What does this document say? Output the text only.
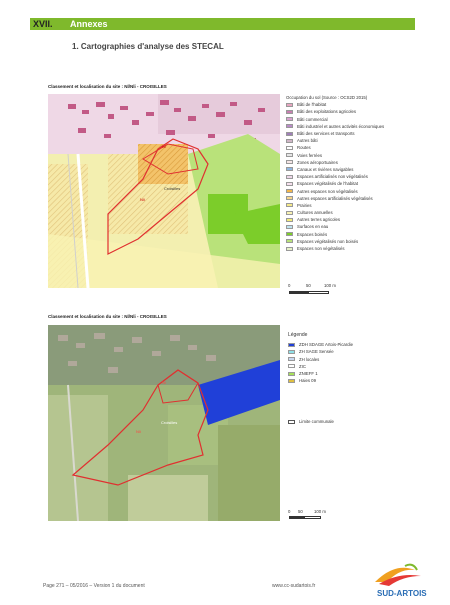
XVII. Annexes
1. Cartographies d'analyse des STECAL
Classement et localisation du site : Nl/Nli - CROISILLES
Croisilles
Nli
Nl
Occupation du sol (Source : OCS2D 2015)
Bâti de l'habitat
Bâti des exploitations agricoles
Bâti commercial
Bâti industriel et autres activités économiques
Bâti des services et transports
Autres bâti
Routes
Voies ferrées
Zones aéroportuaires
Canaux et rivières navigables
Espaces artificialisés non végétalisés
Espaces végétalisés de l'habitat
Autres espaces non végétalisés
Autres espaces artificialisés végétalisés
Prairies
Cultures annuelles
Autres terres agricoles
Surfaces en eau
Espaces boisés
Espaces végétalisés non boisés
Espaces non végétalisés
0	50	100 m
Classement et localisation du site : Nl/Nli - CROISILLES
Croisilles
Nli
Nl
Légende
ZDH SDAGE Artois-Picardie
ZH SAGE Sensée
ZH locales
ZIC
ZNIEFF 1
Haies 09
Limite communale
0 50	100 m
Page 271 – 05/2016 – Version 1 du document	www.cc-sudartois.fr
SUD-ARTOIS
